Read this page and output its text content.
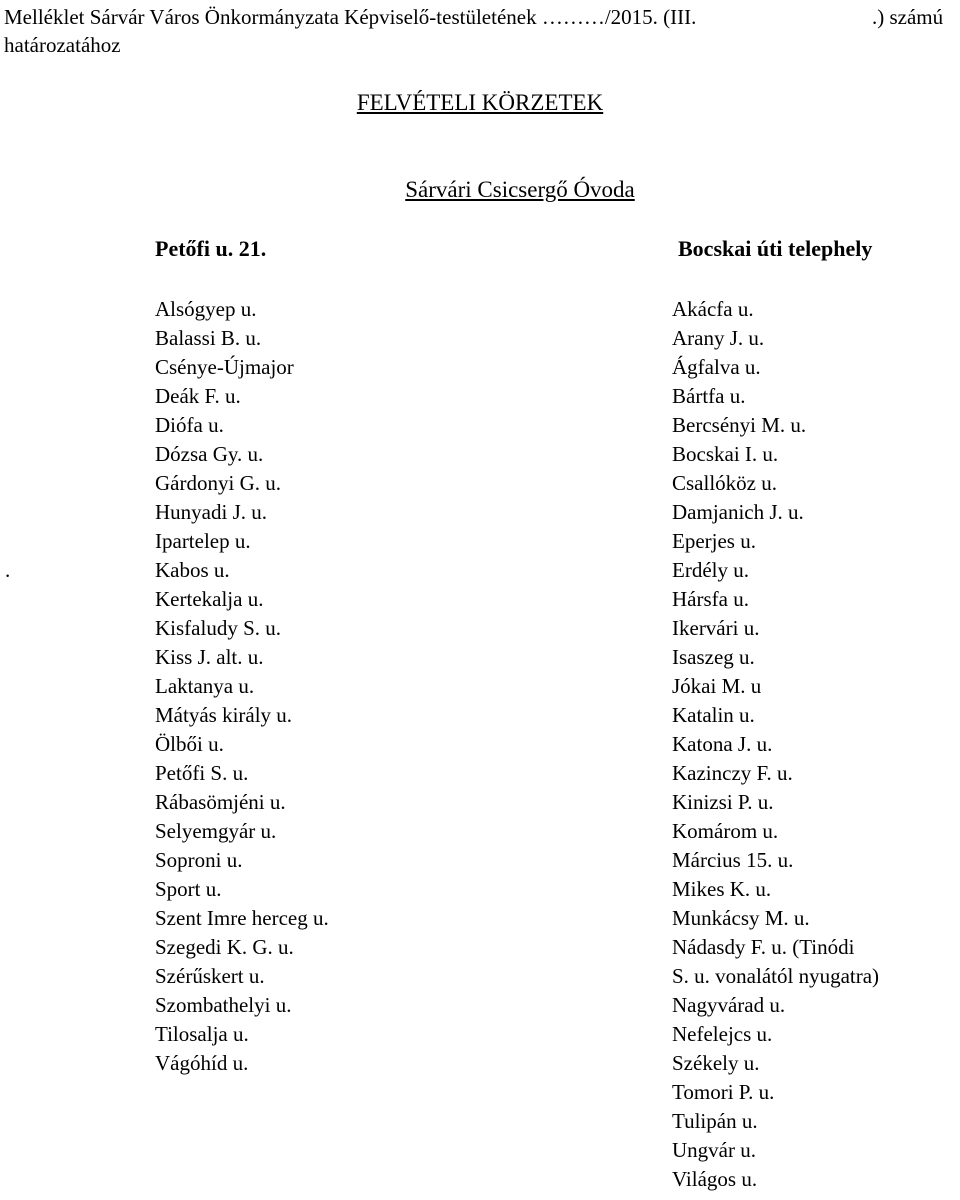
Melléklet Sárvár Város Önkormányzata Képviselő-testületének ………/2015. (III.	.) számú
határozatához
FELVÉTELI KÖRZETEK
Sárvári Csicsergő Óvoda
Petőfi u. 21.	Bocskai úti telephely
.
Alsógyep u.
Balassi B. u.
Csénye-Újmajor
Deák F. u.
Diófa u.
Dózsa Gy. u.
Gárdonyi G. u.
Hunyadi J. u.
Ipartelep u.
Kabos u.
Kertekalja u.
Kisfaludy S. u.
Kiss J. alt. u.
Laktanya u.
Mátyás király u.
Ölbői u.
Petőfi S. u.
Rábasömjéni u.
Selyemgyár u.
Soproni u.
Sport u.
Szent Imre herceg u.
Szegedi K. G. u.
Szérűskert u.
Szombathelyi u.
Tilosalja u.
Vágóhíd u.
Akácfa u.
Arany J. u.
Ágfalva u.
Bártfa u.
Bercsényi M. u.
Bocskai I. u.
Csallóköz u.
Damjanich J. u.
Eperjes u.
Erdély u.
Hársfa u.
Ikervári u.
Isaszeg u.
Jókai M. u
Katalin u.
Katona J. u.
Kazinczy F. u.
Kinizsi P. u.
Komárom u.
Március 15. u.
Mikes K. u.
Munkácsy M. u.
Nádasdy F. u. (Tinódi
S. u. vonalától nyugatra)
Nagyvárad u.
Nefelejcs u.
Székely u.
Tomori P. u.
Tulipán u.
Ungvár u.
Világos u.
